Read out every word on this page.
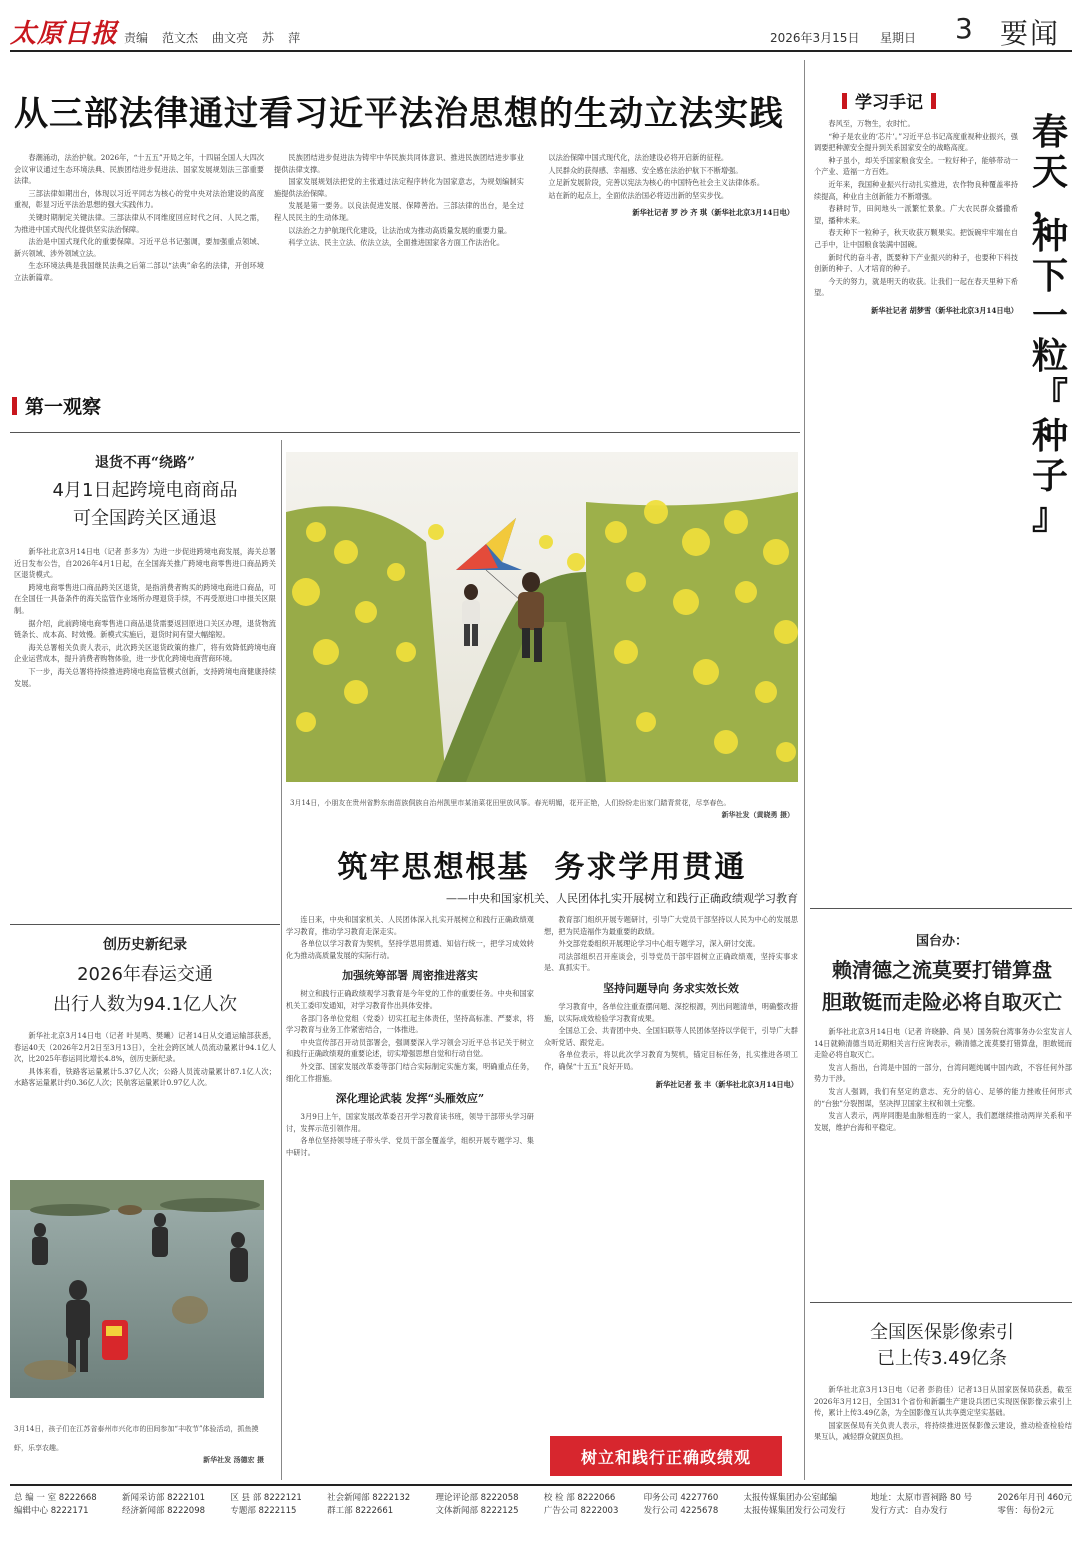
太原日报 责编 范文杰 曲文亮 苏 萍	2026年3月15日 星期日 3 要闻
从三部法律通过看习近平法治思想的生动立法实践

春潮涌动，法治护航。2026年，“十五五”开局之年，十四届全国人大四次会议审议通过生态环境法典、民族团结进步促进法、国家发展规划法三部重要法律。

三部法律如期出台，体现以习近平同志为核心的党中央对法治建设的高度重视，彰显习近平法治思想的强大实践伟力。

关键时期制定关键法律。三部法律从不同维度回应时代之问、人民之需，为推进中国式现代化提供坚实法治保障。

法治是中国式现代化的重要保障。习近平总书记强调，要加强重点领域、新兴领域、涉外领域立法。

生态环境法典是我国继民法典之后第二部以“法典”命名的法律，开创环境立法新篇章。

第一观察

民族团结进步促进法为铸牢中华民族共同体意识、推进民族团结进步事业提供法律支撑。

国家发展规划法把党的主张通过法定程序转化为国家意志，为规划编制实施提供法治保障。

发展是第一要务。以良法促进发展、保障善治。三部法律的出台，是全过程人民民主的生动体现。

以法治之力护航现代化建设，让法治成为推动高质量发展的重要力量。

科学立法、民主立法、依法立法，全面推进国家各方面工作法治化。

以法治保障中国式现代化，法治建设必将开启新的征程。

人民群众的获得感、幸福感、安全感在法治护航下不断增强。

立足新发展阶段，完善以宪法为核心的中国特色社会主义法律体系。

站在新的起点上，全面依法治国必将迈出新的坚实步伐。

新华社记者 罗 沙 齐 琪（新华社北京3月14日电）

学习手记

春风至，万物生，农时忙。

“种子是农业的‘芯片’。”习近平总书记高度重视种业振兴，强调要把种源安全提升到关系国家安全的战略高度。

种子虽小，却关乎国家粮食安全。一粒好种子，能够带动一个产业、造福一方百姓。

近年来，我国种业振兴行动扎实推进，农作物良种覆盖率持续提高，种业自主创新能力不断增强。

春耕时节，田间地头一派繁忙景象。广大农民群众播撒希望，播种未来。

春天种下一粒种子，秋天收获万颗果实。把饭碗牢牢端在自己手中，让中国粮食装满中国碗。

新时代的奋斗者，既要种下产业振兴的种子，也要种下科技创新的种子、人才培育的种子。

今天的努力，就是明天的收获。让我们一起在春天里种下希望。

新华社记者 胡梦雪（新华社北京3月14日电）

春
天
，
种
下
一
粒
『
种
子
』
退货不再“绕路”
4月1日起跨境电商商品
可全国跨关区通退

新华社北京3月14日电（记者 彭多为）为进一步促进跨境电商发展，海关总署近日发布公告，自2026年4月1日起，在全国海关推广跨境电商零售进口商品跨关区退货模式。

跨境电商零售进口商品跨关区退货，是指消费者购买的跨境电商进口商品，可在全国任一具备条件的海关监管作业场所办理退货手续，不再受原进口申报关区限制。

据介绍，此前跨境电商零售进口商品退货需要返回原进口关区办理，退货物流链条长、成本高、时效慢。新模式实施后，退货时间有望大幅缩短。

海关总署相关负责人表示，此次跨关区退货政策的推广，将有效降低跨境电商企业运营成本，提升消费者购物体验，进一步优化跨境电商营商环境。

下一步，海关总署将持续推进跨境电商监管模式创新，支持跨境电商健康持续发展。

创历史新纪录
2026年春运交通
出行人数为94.1亿人次

新华社北京3月14日电（记者 叶昊鸣、樊曦）记者14日从交通运输部获悉，春运40天（2026年2月2日至3月13日），全社会跨区域人员流动量累计94.1亿人次，比2025年春运同比增长4.8%，创历史新纪录。

具体来看，铁路客运量累计5.37亿人次；公路人员流动量累计87.1亿人次；水路客运量累计约0.36亿人次；民航客运量累计0.97亿人次。

3月14日，孩子们在江苏省泰州市兴化市的田间参加“丰收节”体验活动，抓鱼摸虾，乐享农趣。
新华社发 汤德宏 摄
3月14日，小朋友在贵州省黔东南苗族侗族自治州凯里市某油菜花田里放风筝。春光明媚，花开正艳，人们纷纷走出家门踏青赏花，尽享春色。
新华社发（黄晓勇 摄）
筑牢思想根基  务求学用贯通
——中央和国家机关、人民团体扎实开展树立和践行正确政绩观学习教育

连日来，中央和国家机关、人民团体深入扎实开展树立和践行正确政绩观学习教育，推动学习教育走深走实。

各单位以学习教育为契机，坚持学思用贯通、知信行统一，把学习成效转化为推动高质量发展的实际行动。

加强统筹部署 周密推进落实

树立和践行正确政绩观学习教育是今年党的工作的重要任务。中央和国家机关工委印发通知，对学习教育作出具体安排。

各部门各单位党组（党委）切实扛起主体责任，坚持高标准、严要求，将学习教育与业务工作紧密结合，一体推进。

中央宣传部召开动员部署会，强调要深入学习领会习近平总书记关于树立和践行正确政绩观的重要论述，切实增强思想自觉和行动自觉。

外交部、国家发展改革委等部门结合实际制定实施方案，明确重点任务，细化工作措施。

深化理论武装 发挥“头雁效应”

3月9日上午，国家发展改革委召开学习教育读书班，领导干部带头学习研讨，发挥示范引领作用。

各单位坚持领导班子带头学、党员干部全覆盖学，组织开展专题学习、集中研讨。

教育部门组织开展专题研讨，引导广大党员干部坚持以人民为中心的发展思想，把为民造福作为最重要的政绩。

外交部党委组织开展理论学习中心组专题学习，深入研讨交流。

司法部组织召开座谈会，引导党员干部牢固树立正确政绩观，坚持实事求是、真抓实干。

坚持问题导向 务求实效长效

学习教育中，各单位注重查摆问题、深挖根源，列出问题清单，明确整改措施，以实际成效检验学习教育成果。

全国总工会、共青团中央、全国妇联等人民团体坚持以学促干，引导广大群众听党话、跟党走。

各单位表示，将以此次学习教育为契机，锚定目标任务，扎实推进各项工作，确保“十五五”良好开局。

新华社记者 张 丰（新华社北京3月14日电）

树立和践行正确政绩观
国台办：
赖清德之流莫要打错算盘
胆敢铤而走险必将自取灭亡

新华社北京3月14日电（记者 许晓静、尚 昊）国务院台湾事务办公室发言人14日就赖清德当局近期相关言行应询表示，赖清德之流莫要打错算盘，胆敢铤而走险必将自取灭亡。

发言人指出，台湾是中国的一部分，台湾问题纯属中国内政，不容任何外部势力干涉。

发言人强调，我们有坚定的意志、充分的信心、足够的能力挫败任何形式的“台独”分裂图谋，坚决捍卫国家主权和领土完整。

发言人表示，两岸同胞是血脉相连的一家人，我们愿继续推动两岸关系和平发展，维护台海和平稳定。

全国医保影像索引
已上传3.49亿条

新华社北京3月13日电（记者 彭韵佳）记者13日从国家医保局获悉，截至2026年3月12日，全国31个省份和新疆生产建设兵团已实现医保影像云索引上传，累计上传3.49亿条，为全国影像互认共享奠定坚实基础。

国家医保局有关负责人表示，将持续推进医保影像云建设，推动检查检验结果互认，减轻群众就医负担。

总 编 一 室 8222668
编辑中心 8222171
新闻采访部 8222101
经济新闻部 8222098
区 县 部 8222121
专题部 8222115
社会新闻部 8222132
群工部 8222661
理论评论部 8222058
文体新闻部 8222125
校 检 部 8222066
广告公司 8222003
印务公司 4227760
发行公司 4225678
太报传媒集团办公室邮编
太报传媒集团发行公司发行
地址：太原市晋祠路 80 号
发行方式：自办发行
2026年月刊 460元
零售：每份2元
